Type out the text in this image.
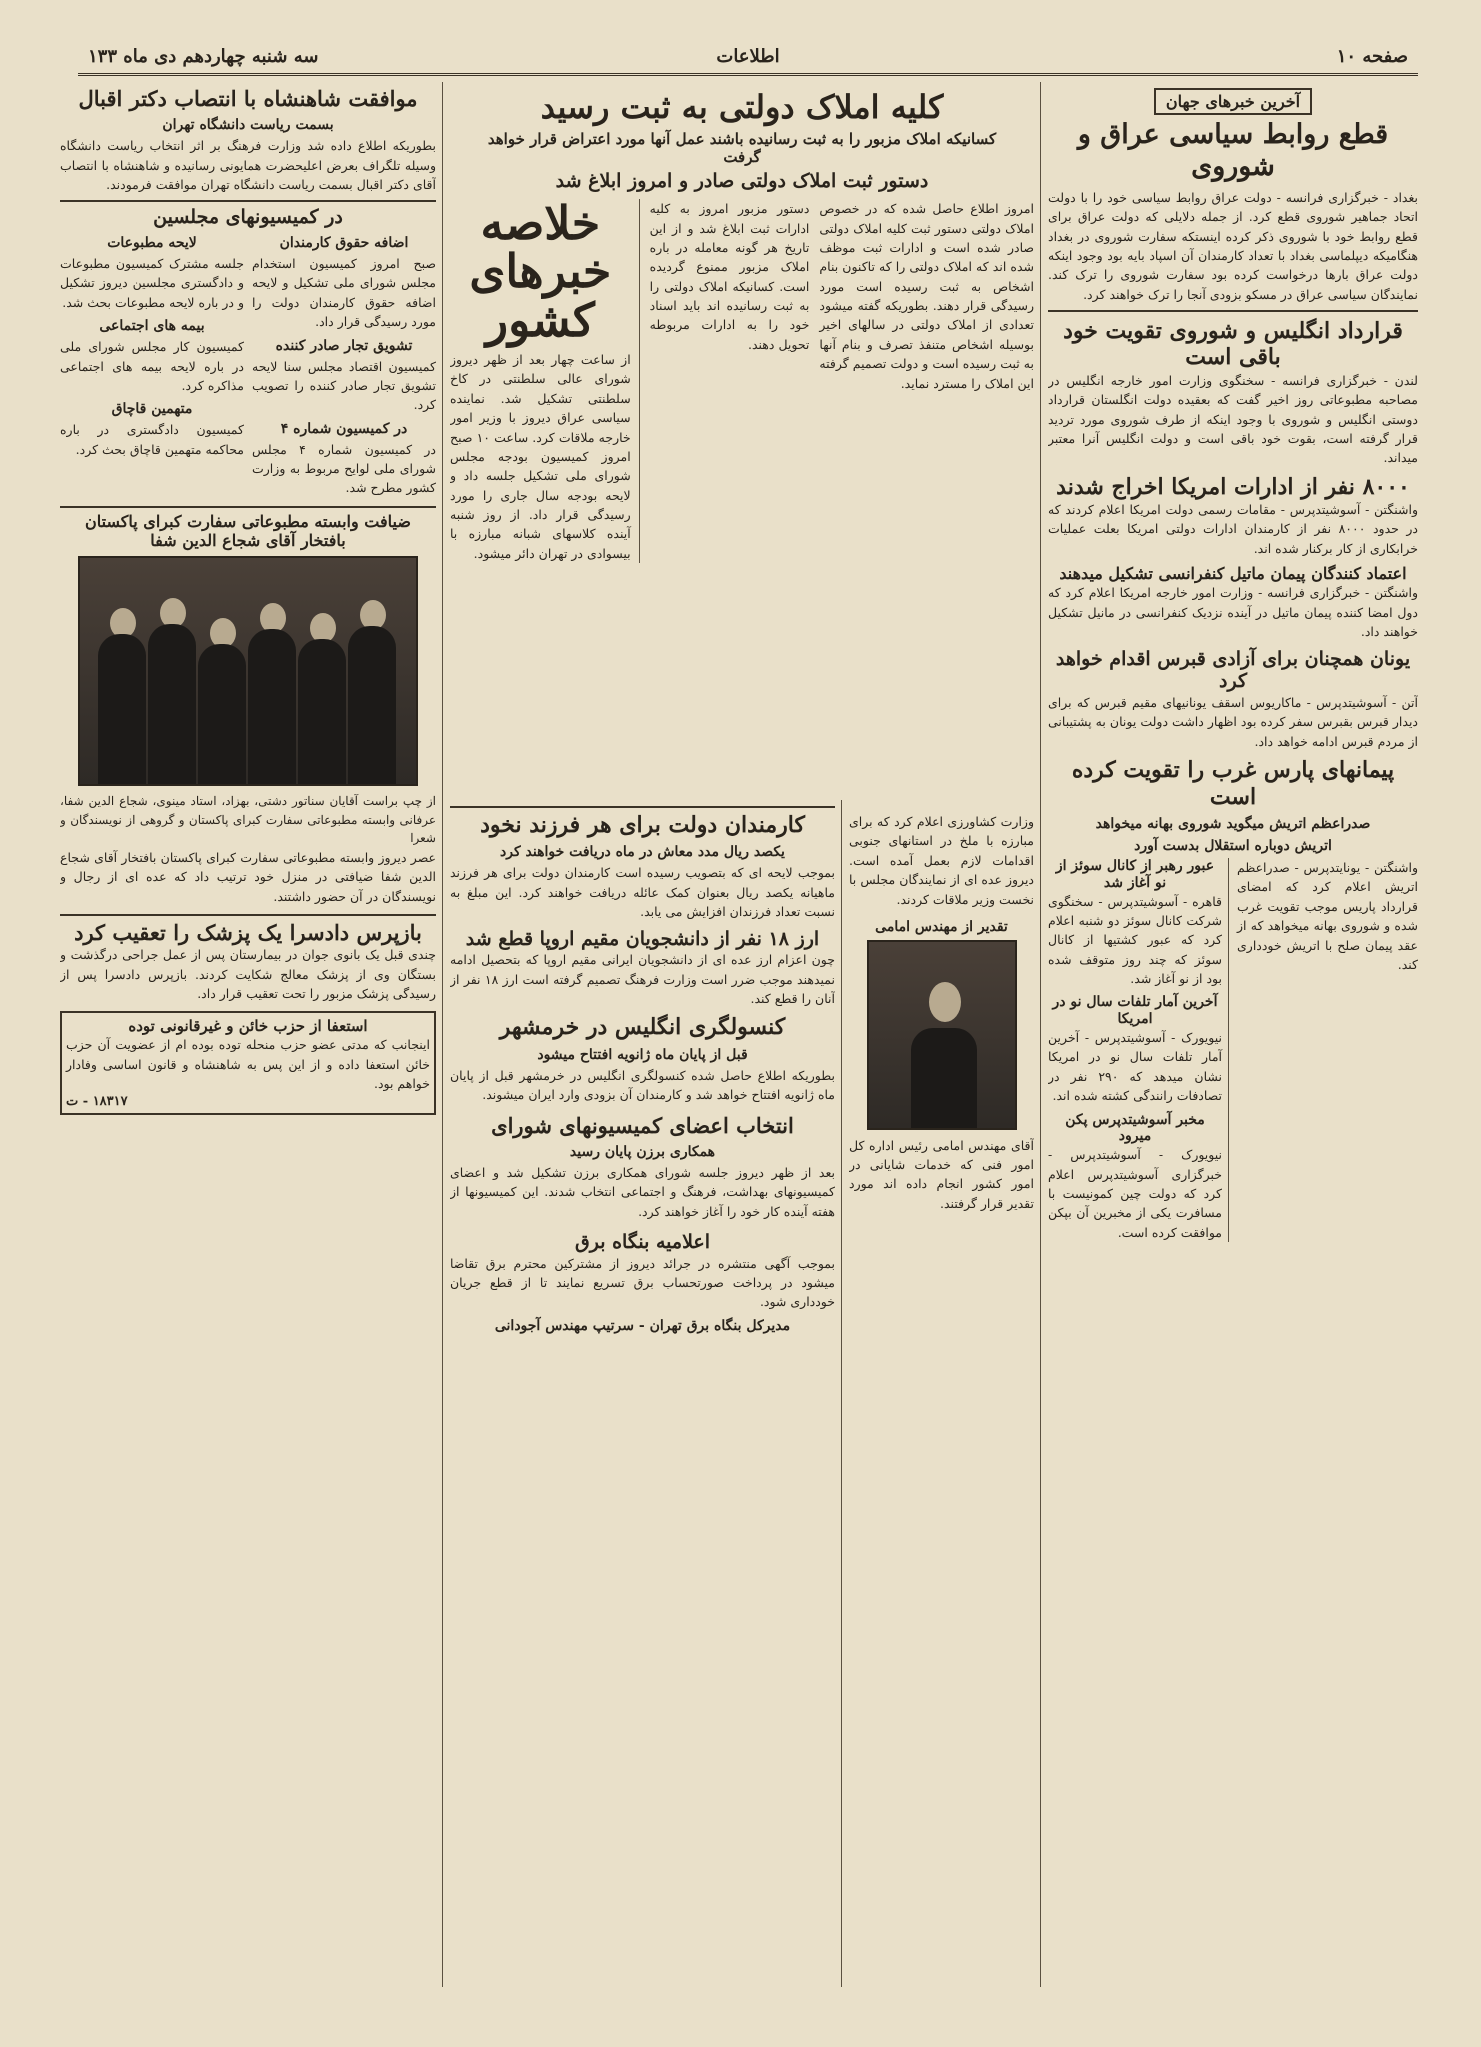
صفحه ۱۰
اطلاعات
سه شنبه چهاردهم دی ماه ۱۳۳
آخرین خبرهای جهان
قطع روابط سیاسی عراق و شوروی
بغداد - خبرگزاری فرانسه - دولت عراق روابط سیاسی خود را با دولت اتحاد جماهیر شوروی قطع کرد. از جمله دلایلی که دولت عراق برای قطع روابط خود با شوروی ذکر کرده اینستکه سفارت شوروی در بغداد هنگامیکه دیپلماسی بغداد با تعداد کارمندان آن اسپاد بایه بود وجود اینکه دولت عراق بارها درخواست کرده بود سفارت شوروی را ترک کند. نمایندگان سیاسی عراق در مسکو بزودی آنجا را ترک خواهند کرد.
قرارداد انگلیس و شوروی تقویت خود باقی است
لندن - خبرگزاری فرانسه - سخنگوی وزارت امور خارجه انگلیس در مصاحبه مطبوعاتی روز اخیر گفت که بعقیده دولت انگلستان قرارداد دوستی انگلیس و شوروی با وجود اینکه از طرف شوروی مورد تردید قرار گرفته است، بقوت خود باقی است و دولت انگلیس آنرا معتبر میداند.
۸۰۰۰ نفر از ادارات امریکا اخراج شدند
واشنگتن - آسوشیتدپرس - مقامات رسمی دولت امریکا اعلام کردند که در حدود ۸۰۰۰ نفر از کارمندان ادارات دولتی امریکا بعلت عملیات خرابکاری از کار برکنار شده اند.
اعتماد کنندگان پیمان ماتیل کنفرانسی تشکیل میدهند
واشنگتن - خبرگزاری فرانسه - وزارت امور خارجه امریکا اعلام کرد که دول امضا کننده پیمان ماتیل در آینده نزدیک کنفرانسی در مانیل تشکیل خواهند داد.
یونان همچنان برای آزادی قبرس اقدام خواهد کرد
آتن - آسوشیتدپرس - ماکاریوس اسقف یونانیهای مقیم قبرس که برای دیدار قبرس بقبرس سفر کرده بود اظهار داشت دولت یونان به پشتیبانی از مردم قبرس ادامه خواهد داد.
پیمانهای پارس غرب را تقویت کرده است
صدراعظم اتریش میگوید شوروی بهانه میخواهد
اتریش دوباره استقلال بدست آورد
واشنگتن - یونایتدپرس - صدراعظم اتریش اعلام کرد که امضای قرارداد پاریس موجب تقویت غرب شده و شوروی بهانه میخواهد که از عقد پیمان صلح با اتریش خودداری کند.
عبور رهبر از کانال سوئز از نو آغاز شد
قاهره - آسوشیتدپرس - سخنگوی شرکت کانال سوئز دو شنبه اعلام کرد که عبور کشتیها از کانال سوئز که چند روز متوقف شده بود از نو آغاز شد.
آخرین آمار تلفات سال نو در امریکا
نیویورک - آسوشیتدپرس - آخرین آمار تلفات سال نو در امریکا نشان میدهد که ۲۹۰ نفر در تصادفات رانندگی کشته شده اند.
مخبر آسوشیتدپرس پکن میرود
نیویورک - آسوشیتدپرس - خبرگزاری آسوشیتدپرس اعلام کرد که دولت چین کمونیست با مسافرت یکی از مخبرین آن بپکن موافقت کرده است.
کلیه املاک دولتی به ثبت رسید
کسانیکه املاک مزبور را به ثبت رسانیده باشند عمل آنها مورد اعتراض قرار خواهد گرفت
دستور ثبت املاک دولتی صادر و امروز ابلاغ شد
امروز اطلاع حاصل شده که در خصوص املاک دولتی دستور ثبت کلیه املاک دولتی صادر شده است و ادارات ثبت موظف شده اند که املاک دولتی را که تاکنون بنام اشخاص به ثبت رسیده است مورد رسیدگی قرار دهند. بطوریکه گفته میشود تعدادی از املاک دولتی در سالهای اخیر بوسیله اشخاص متنفذ تصرف و بنام آنها به ثبت رسیده است و دولت تصمیم گرفته این املاک را مسترد نماید.
دستور مزبور امروز به کلیه ادارات ثبت ابلاغ شد و از این تاریخ هر گونه معامله در باره املاک مزبور ممنوع گردیده است. کسانیکه املاک دولتی را به ثبت رسانیده اند باید اسناد خود را به ادارات مربوطه تحویل دهند.
خلاصه خبرهای کشور
از ساعت چهار بعد از ظهر دیروز شورای عالی سلطنتی در کاخ سلطنتی تشکیل شد. نماینده سیاسی عراق دیروز با وزیر امور خارجه ملاقات کرد. ساعت ۱۰ صبح امروز کمیسیون بودجه مجلس شورای ملی تشکیل جلسه داد و لایحه بودجه سال جاری را مورد رسیدگی قرار داد. از روز شنبه آینده کلاسهای شبانه مبارزه با بیسوادی در تهران دائر میشود.
کارمندان دولت برای هر فرزند نخود
یکصد ریال مدد معاش در ماه دریافت خواهند کرد
بموجب لایحه ای که بتصویب رسیده است کارمندان دولت برای هر فرزند ماهیانه یکصد ریال بعنوان کمک عائله دریافت خواهند کرد. این مبلغ به نسبت تعداد فرزندان افزایش می یابد.
ارز ۱۸ نفر از دانشجویان مقیم اروپا قطع شد
چون اعزام ارز عده ای از دانشجویان ایرانی مقیم اروپا که بتحصیل ادامه نمیدهند موجب ضرر است وزارت فرهنگ تصمیم گرفته است ارز ۱۸ نفر از آنان را قطع کند.
کنسولگری انگلیس در خرمشهر
قبل از پایان ماه ژانویه افتتاح میشود
بطوریکه اطلاع حاصل شده کنسولگری انگلیس در خرمشهر قبل از پایان ماه ژانویه افتتاح خواهد شد و کارمندان آن بزودی وارد ایران میشوند.
انتخاب اعضای کمیسیونهای شورای
همکاری برزن پایان رسید
بعد از ظهر دیروز جلسه شورای همکاری برزن تشکیل شد و اعضای کمیسیونهای بهداشت، فرهنگ و اجتماعی انتخاب شدند. این کمیسیونها از هفته آینده کار خود را آغاز خواهند کرد.
اعلامیه بنگاه برق
بموجب آگهی منتشره در جرائد دیروز از مشترکین محترم برق تقاضا میشود در پرداخت صورتحساب برق تسریع نمایند تا از قطع جریان خودداری شود.
مدیرکل بنگاه برق تهران - سرتیپ مهندس آجودانی
وزارت کشاورزی اعلام کرد که برای مبارزه با ملخ در استانهای جنوبی اقدامات لازم بعمل آمده است. دیروز عده ای از نمایندگان مجلس با نخست وزیر ملاقات کردند.
تقدیر از مهندس امامی
آقای مهندس امامی رئیس اداره کل امور فنی که خدمات شایانی در امور کشور انجام داده اند مورد تقدیر قرار گرفتند.
موافقت شاهنشاه با انتصاب دکتر اقبال
بسمت ریاست دانشگاه تهران
بطوریکه اطلاع داده شد وزارت فرهنگ بر اثر انتخاب ریاست دانشگاه وسیله تلگراف بعرض اعلیحضرت همایونی رسانیده و شاهنشاه با انتصاب آقای دکتر اقبال بسمت ریاست دانشگاه تهران موافقت فرمودند.
در کمیسیونهای مجلسین
اضافه حقوق کارمندان
صبح امروز کمیسیون استخدام مجلس شورای ملی تشکیل و لایحه اضافه حقوق کارمندان دولت را مورد رسیدگی قرار داد.
تشویق تجار صادر کننده
کمیسیون اقتصاد مجلس سنا لایحه تشویق تجار صادر کننده را تصویب کرد.
در کمیسیون شماره ۴
در کمیسیون شماره ۴ مجلس شورای ملی لوایح مربوط به وزارت کشور مطرح شد.
لایحه مطبوعات
جلسه مشترک کمیسیون مطبوعات و دادگستری مجلسین دیروز تشکیل و در باره لایحه مطبوعات بحث شد.
بیمه های اجتماعی
کمیسیون کار مجلس شورای ملی در باره لایحه بیمه های اجتماعی مذاکره کرد.
متهمین قاچاق
کمیسیون دادگستری در باره محاکمه متهمین قاچاق بحث کرد.
ضیافت وابسته مطبوعاتی سفارت کبرای پاکستان بافتخار آقای شجاع الدین شفا
از چپ براست آقایان سناتور دشتی، بهزاد، استاد مینوی، شجاع الدین شفا، عرفانی وابسته مطبوعاتی سفارت کبرای پاکستان و گروهی از نویسندگان و شعرا
عصر دیروز وابسته مطبوعاتی سفارت کبرای پاکستان بافتخار آقای شجاع الدین شفا ضیافتی در منزل خود ترتیب داد که عده ای از رجال و نویسندگان در آن حضور داشتند.
بازپرس دادسرا یک پزشک را تعقیب کرد
چندی قبل یک بانوی جوان در بیمارستان پس از عمل جراحی درگذشت و بستگان وی از پزشک معالج شکایت کردند. بازپرس دادسرا پس از رسیدگی پزشک مزبور را تحت تعقیب قرار داد.
استعفا از حزب خائن و غیرقانونی توده
اینجانب که مدتی عضو حزب منحله توده بوده ام از عضویت آن حزب خائن استعفا داده و از این پس به شاهنشاه و قانون اساسی وفادار خواهم بود.
۱۸۳۱۷ - ت
